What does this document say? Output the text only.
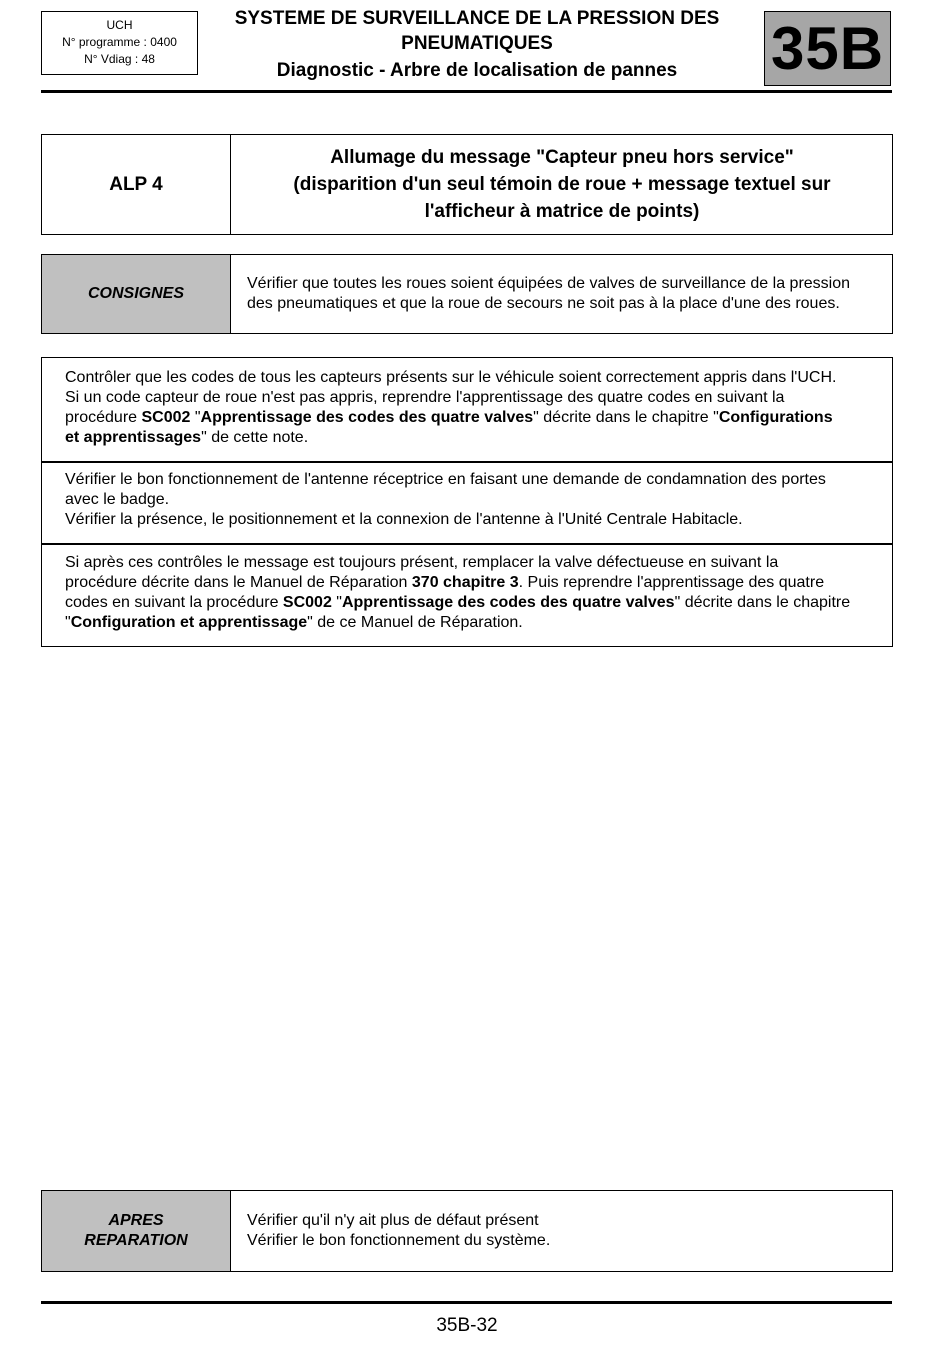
UCH
N° programme : 0400
N° Vdiag : 48
SYSTEME DE SURVEILLANCE DE LA PRESSION DES
PNEUMATIQUES
Diagnostic - Arbre de localisation de pannes	35B
ALP 4
Allumage du message "Capteur pneu hors service"
(disparition d'un seul témoin de roue + message textuel sur
l'afficheur à matrice de points)
CONSIGNES
Vérifier que toutes les roues soient équipées de valves de surveillance de la pression
des pneumatiques et que la roue de secours ne soit pas à la place d'une des roues.
Contrôler que les codes de tous les capteurs présents sur le véhicule soient correctement appris dans l'UCH.
Si un code capteur de roue n'est pas appris, reprendre l'apprentissage des quatre codes en suivant la
procédure SC002 "Apprentissage des codes des quatre valves" décrite dans le chapitre "Configurations
et apprentissages" de cette note.
Vérifier le bon fonctionnement de l'antenne réceptrice en faisant une demande de condamnation des portes
avec le badge.
Vérifier la présence, le positionnement et la connexion de l'antenne à l'Unité Centrale Habitacle.
Si après ces contrôles le message est toujours présent, remplacer la valve défectueuse en suivant la
procédure décrite dans le Manuel de Réparation 370 chapitre 3. Puis reprendre l'apprentissage des quatre
codes en suivant la procédure SC002 "Apprentissage des codes des quatre valves" décrite dans le chapitre
"Configuration et apprentissage" de ce Manuel de Réparation.
APRES
REPARATION
Vérifier qu'il n'y ait plus de défaut présent
Vérifier le bon fonctionnement du système.
35B-32
